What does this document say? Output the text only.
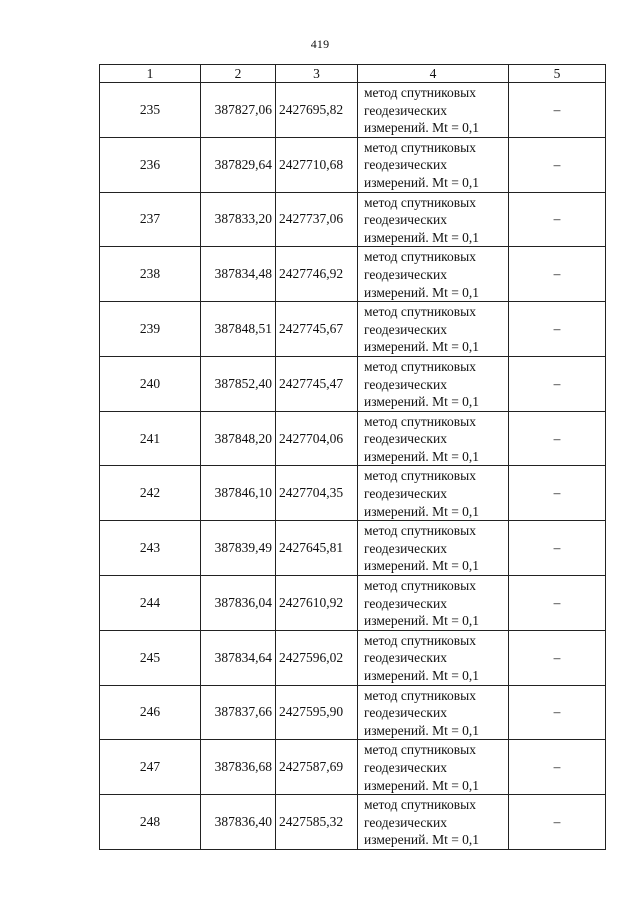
419
1	2	3	4	5
235	387827,06	2427695,82	метод спутниковых
геодезических
измерений. Mt = 0,1	–
236	387829,64	2427710,68	метод спутниковых
геодезических
измерений. Mt = 0,1	–
237	387833,20	2427737,06	метод спутниковых
геодезических
измерений. Mt = 0,1	–
238	387834,48	2427746,92	метод спутниковых
геодезических
измерений. Mt = 0,1	–
239	387848,51	2427745,67	метод спутниковых
геодезических
измерений. Mt = 0,1	–
240	387852,40	2427745,47	метод спутниковых
геодезических
измерений. Mt = 0,1	–
241	387848,20	2427704,06	метод спутниковых
геодезических
измерений. Mt = 0,1	–
242	387846,10	2427704,35	метод спутниковых
геодезических
измерений. Mt = 0,1	–
243	387839,49	2427645,81	метод спутниковых
геодезических
измерений. Mt = 0,1	–
244	387836,04	2427610,92	метод спутниковых
геодезических
измерений. Mt = 0,1	–
245	387834,64	2427596,02	метод спутниковых
геодезических
измерений. Mt = 0,1	–
246	387837,66	2427595,90	метод спутниковых
геодезических
измерений. Mt = 0,1	–
247	387836,68	2427587,69	метод спутниковых
геодезических
измерений. Mt = 0,1	–
248	387836,40	2427585,32	метод спутниковых
геодезических
измерений. Mt = 0,1	–
